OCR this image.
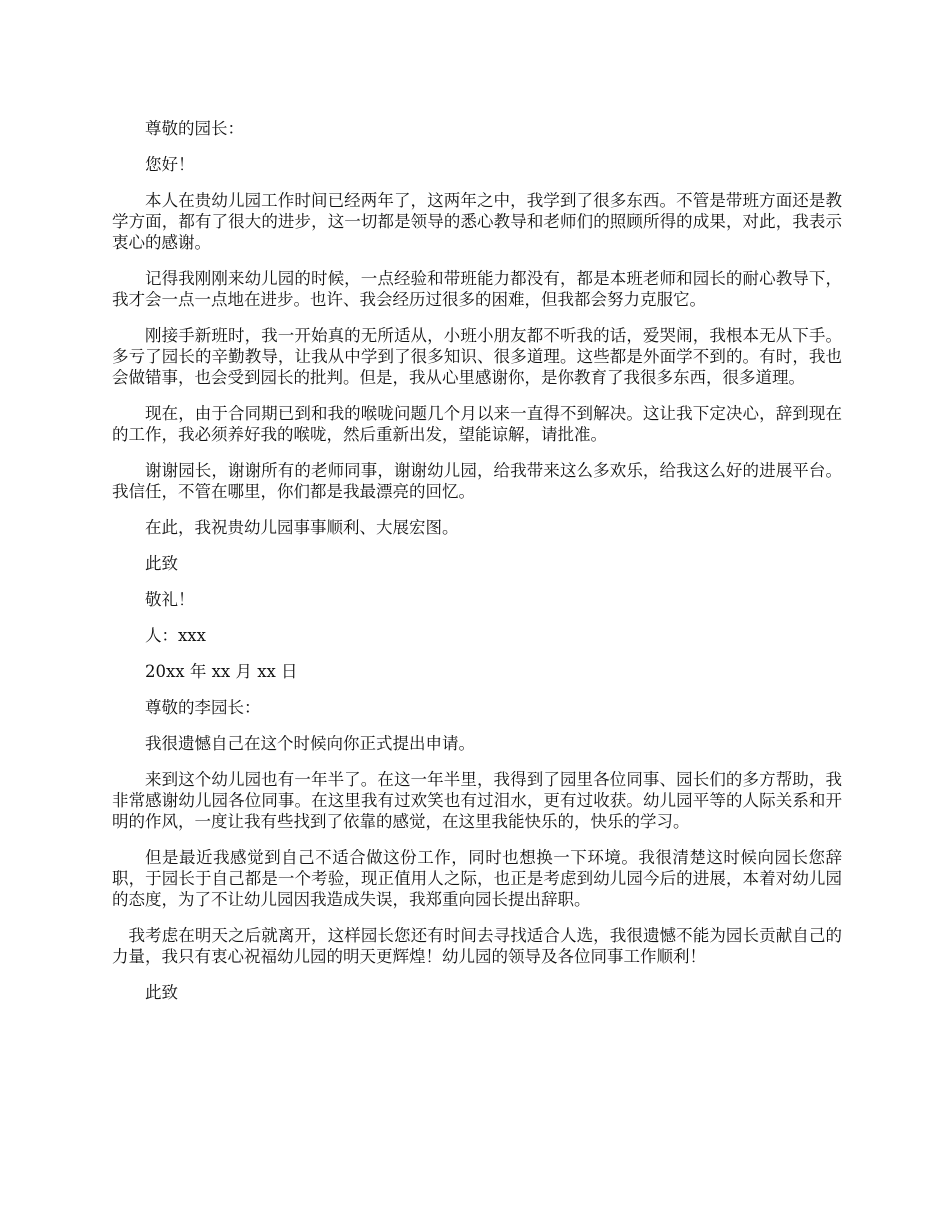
尊敬的园长：

您好！

本人在贵幼儿园工作时间已经两年了，这两年之中，我学到了很多东西。不管是带班方面还是教学方面，都有了很大的进步，这一切都是领导的悉心教导和老师们的照顾所得的成果，对此，我表示衷心的感谢。

记得我刚刚来幼儿园的时候，一点经验和带班能力都没有，都是本班老师和园长的耐心教导下，我才会一点一点地在进步。也许、我会经历过很多的困难，但我都会努力克服它。

刚接手新班时，我一开始真的无所适从，小班小朋友都不听我的话，爱哭闹，我根本无从下手。多亏了园长的辛勤教导，让我从中学到了很多知识、很多道理。这些都是外面学不到的。有时，我也会做错事，也会受到园长的批判。但是，我从心里感谢你，是你教育了我很多东西，很多道理。

现在，由于合同期已到和我的喉咙问题几个月以来一直得不到解决。这让我下定决心，辞到现在的工作，我必须养好我的喉咙，然后重新出发，望能谅解，请批准。

谢谢园长，谢谢所有的老师同事，谢谢幼儿园，给我带来这么多欢乐，给我这么好的进展平台。我信任，不管在哪里，你们都是我最漂亮的回忆。

在此，我祝贵幼儿园事事顺利、大展宏图。

此致

敬礼！

人：xxx

20xx 年 xx 月 xx 日

尊敬的李园长：

我很遗憾自己在这个时候向你正式提出申请。

来到这个幼儿园也有一年半了。在这一年半里，我得到了园里各位同事、园长们的多方帮助，我非常感谢幼儿园各位同事。在这里我有过欢笑也有过泪水，更有过收获。幼儿园平等的人际关系和开明的作风，一度让我有些找到了依靠的感觉，在这里我能快乐的，快乐的学习。

但是最近我感觉到自己不适合做这份工作，同时也想换一下环境。我很清楚这时候向园长您辞职，于园长于自己都是一个考验，现正值用人之际，也正是考虑到幼儿园今后的进展，本着对幼儿园的态度，为了不让幼儿园因我造成失误，我郑重向园长提出辞职。

我考虑在明天之后就离开，这样园长您还有时间去寻找适合人选，我很遗憾不能为园长贡献自己的力量，我只有衷心祝福幼儿园的明天更辉煌！幼儿园的领导及各位同事工作顺利！

此致
